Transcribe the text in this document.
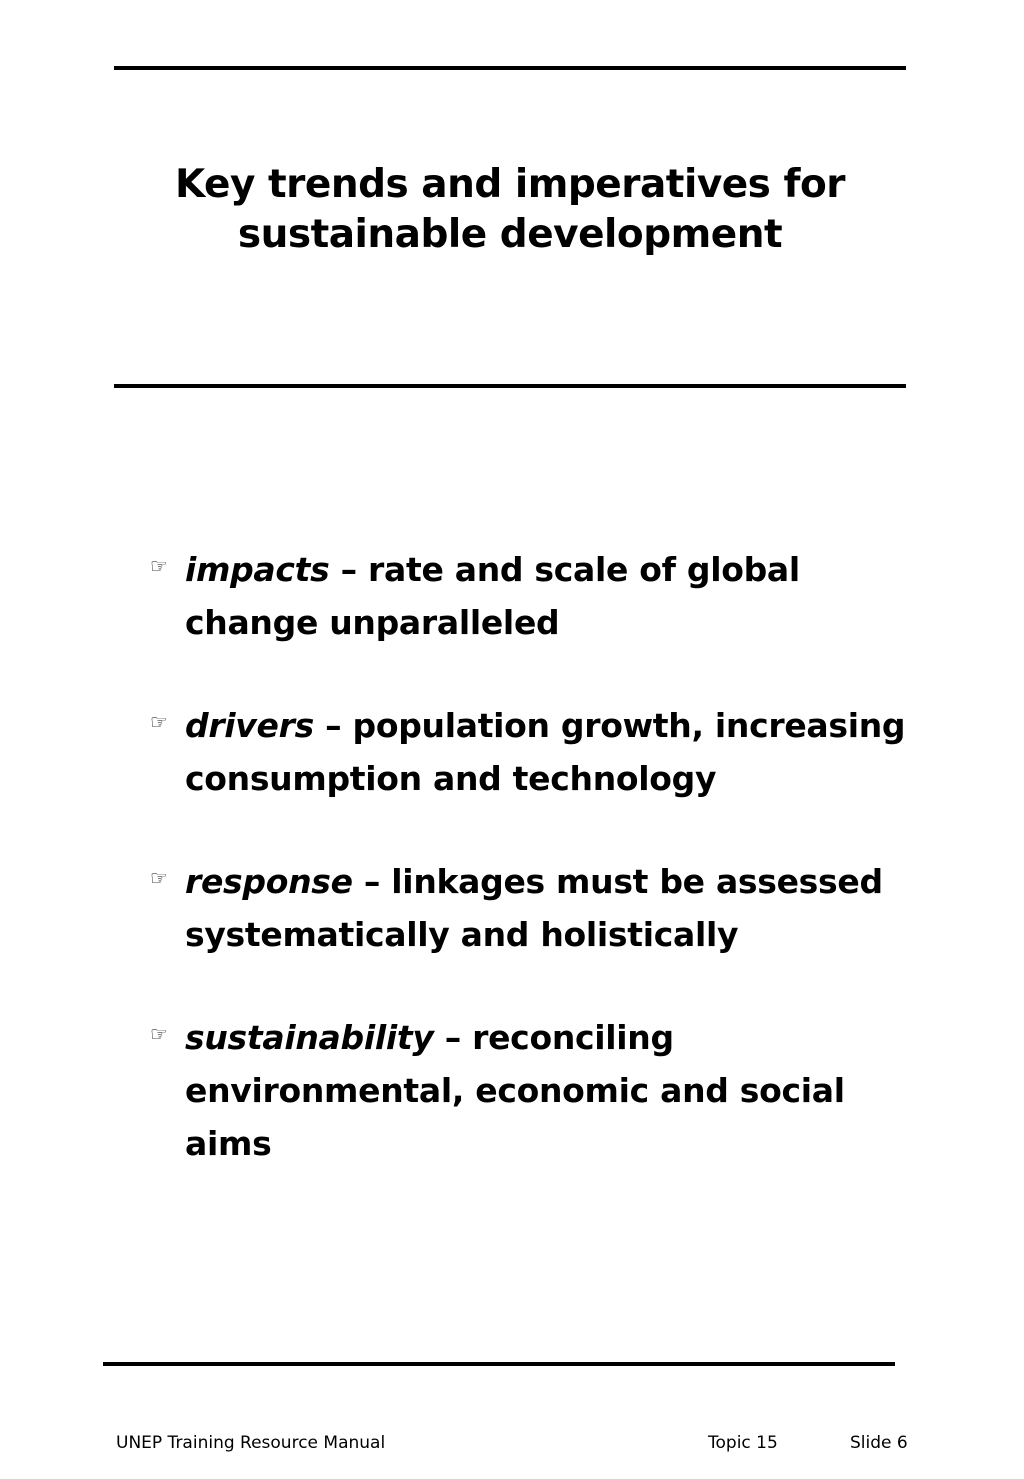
Key trends and imperatives for
sustainable development
☞ impacts – rate and scale of global change unparalleled
☞ drivers – population growth, increasing consumption and technology
☞ response – linkages must be assessed systematically and holistically
☞ sustainability – reconciling environmental, economic and social aims
UNEP Training Resource Manual	Topic 15	Slide 6
